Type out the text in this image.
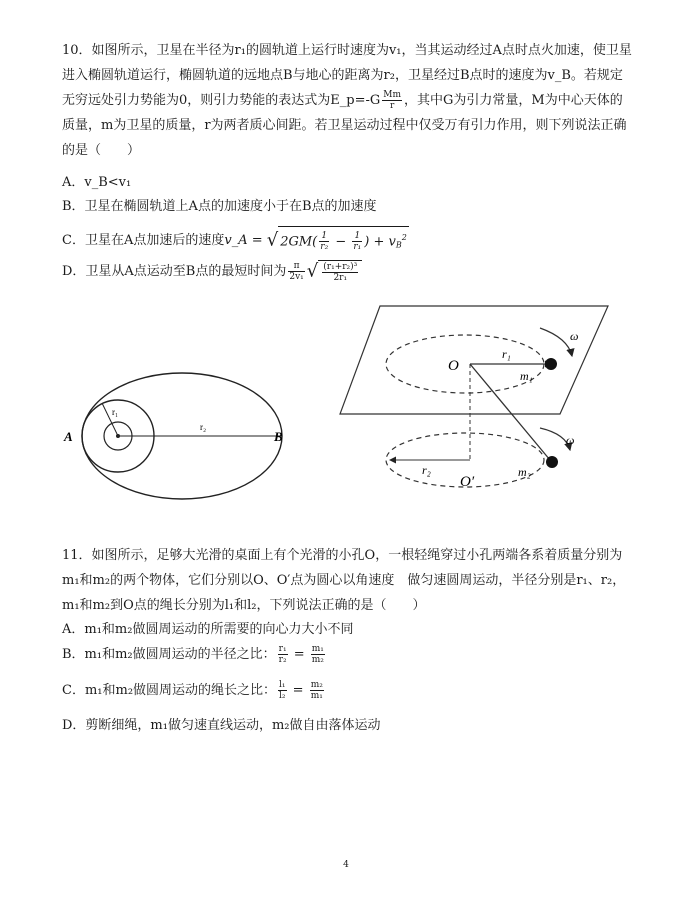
10．如图所示，卫星在半径为r₁的圆轨道上运行时速度为v₁，当其运动经过A点时点火加速，使卫星进入椭圆轨道运行，椭圆轨道的远地点B与地心的距离为r₂，卫星经过B点时的速度为v_B。若规定无穷远处引力势能为0，则引力势能的表达式为E_p=-G $\frac{Mm}{r}$ ，其中G为引力常量，M为中心天体的质量，m为卫星的质量，r为两者质心间距。若卫星运动过程中仅受万有引力作用，则下列说法正确的是（　　）

A．v_B<v₁

B．卫星在椭圆轨道上A点的加速度小于在B点的加速度

C．卫星在A点加速后的速度v_A = √ $2GM( \frac{1}{\text{r₂}} - \frac{1}{\text{r₁}}$ ) + $v_B^2$

D．卫星从A点运动至B点的最短时间为 $\frac{\pi}{\text{2v₁}}$ √ $\frac{\text{(r₁+r₂)³}}{\text{2r₁}}$

A	B
r₁
r₂
O
O′
r₁
r₂
m₁
m₂
ω
ω

11．如图所示，足够大光滑的桌面上有个光滑的小孔O，一根轻绳穿过小孔两端各系着质量分别为m₁和m₂的两个物体，它们分别以O、O′点为圆心以角速度　做匀速圆周运动，半径分别是r₁、r₂，m₁和m₂到O点的绳长分别为l₁和l₂，下列说法正确的是（　　）

A．m₁和m₂做圆周运动的所需要的向心力大小不同

B．m₁和m₂做圆周运动的半径之比： $\frac{\text{r₁}}{\text{r₂}} = \frac{\text{m₁}}{\text{m₂}}$

C．m₁和m₂做圆周运动的绳长之比： $\frac{\text{l₁}}{\text{l₂}} = \frac{\text{m₂}}{\text{m₁}}$

D．剪断细绳，m₁做匀速直线运动，m₂做自由落体运动

4
